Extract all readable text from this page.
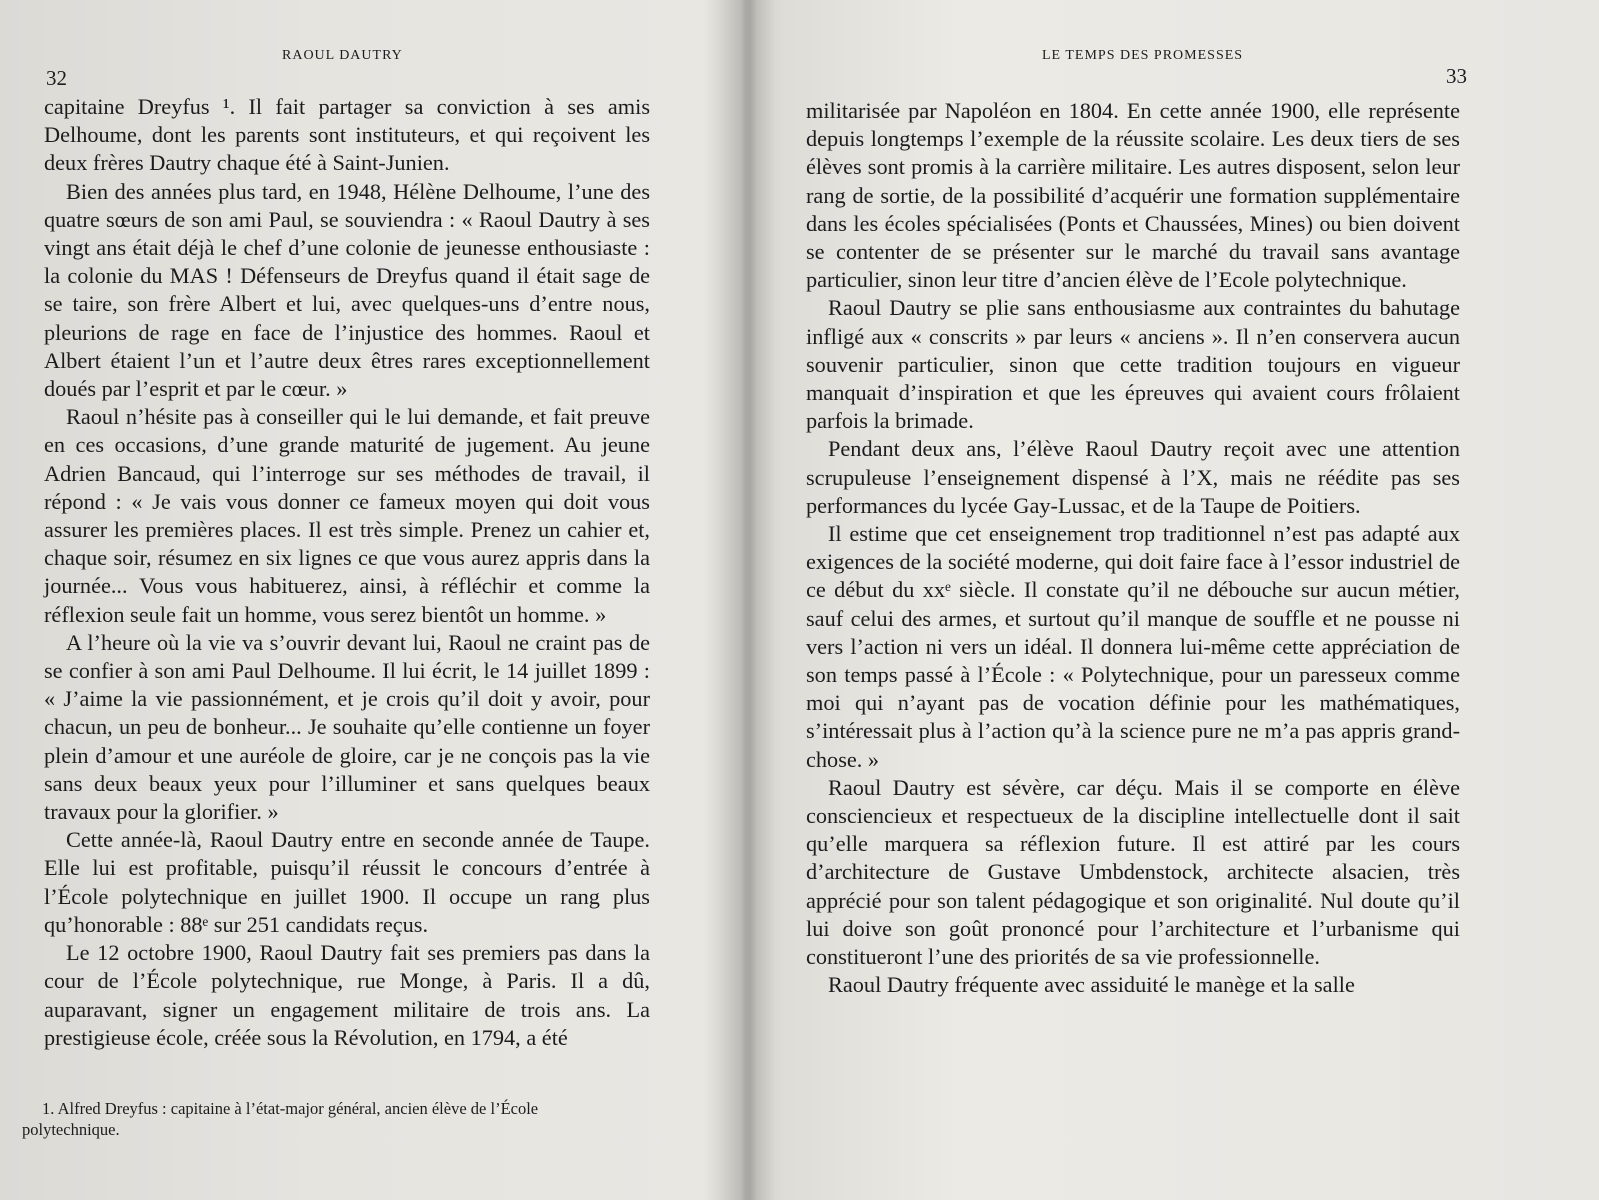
32
RAOUL DAUTRY

capitaine Dreyfus ¹. Il fait partager sa conviction à ses amis Delhoume, dont les parents sont instituteurs, et qui reçoivent les deux frères Dautry chaque été à Saint-Junien.

Bien des années plus tard, en 1948, Hélène Delhoume, l’une des quatre sœurs de son ami Paul, se souviendra : « Raoul Dautry à ses vingt ans était déjà le chef d’une colonie de jeunesse enthousiaste : la colonie du MAS ! Défenseurs de Dreyfus quand il était sage de se taire, son frère Albert et lui, avec quelques-uns d’entre nous, pleurions de rage en face de l’injustice des hommes. Raoul et Albert étaient l’un et l’autre deux êtres rares exceptionnellement doués par l’esprit et par le cœur. »

Raoul n’hésite pas à conseiller qui le lui demande, et fait preuve en ces occasions, d’une grande maturité de jugement. Au jeune Adrien Bancaud, qui l’interroge sur ses méthodes de travail, il répond : « Je vais vous donner ce fameux moyen qui doit vous assurer les premières places. Il est très simple. Prenez un cahier et, chaque soir, résumez en six lignes ce que vous aurez appris dans la journée... Vous vous habituerez, ainsi, à réfléchir et comme la réflexion seule fait un homme, vous serez bientôt un homme. »

A l’heure où la vie va s’ouvrir devant lui, Raoul ne craint pas de se confier à son ami Paul Delhoume. Il lui écrit, le 14 juillet 1899 : « J’aime la vie passionnément, et je crois qu’il doit y avoir, pour chacun, un peu de bonheur... Je souhaite qu’elle contienne un foyer plein d’amour et une auréole de gloire, car je ne conçois pas la vie sans deux beaux yeux pour l’illuminer et sans quelques beaux travaux pour la glorifier. »

Cette année-là, Raoul Dautry entre en seconde année de Taupe. Elle lui est profitable, puisqu’il réussit le concours d’entrée à l’École polytechnique en juillet 1900. Il occupe un rang plus qu’honorable : 88ᵉ sur 251 candidats reçus.

Le 12 octobre 1900, Raoul Dautry fait ses premiers pas dans la cour de l’École polytechnique, rue Monge, à Paris. Il a dû, auparavant, signer un engagement militaire de trois ans. La prestigieuse école, créée sous la Révolution, en 1794, a été

1. Alfred Dreyfus : capitaine à l’état-major général, ancien élève de l’École polytechnique.
LE TEMPS DES PROMESSES
33

militarisée par Napoléon en 1804. En cette année 1900, elle représente depuis longtemps l’exemple de la réussite scolaire. Les deux tiers de ses élèves sont promis à la carrière militaire. Les autres disposent, selon leur rang de sortie, de la possibilité d’acquérir une formation supplémentaire dans les écoles spécialisées (Ponts et Chaussées, Mines) ou bien doivent se contenter de se présenter sur le marché du travail sans avantage particulier, sinon leur titre d’ancien élève de l’Ecole polytechnique.

Raoul Dautry se plie sans enthousiasme aux contraintes du bahutage infligé aux « conscrits » par leurs « anciens ». Il n’en conservera aucun souvenir particulier, sinon que cette tradition toujours en vigueur manquait d’inspiration et que les épreuves qui avaient cours frôlaient parfois la brimade.

Pendant deux ans, l’élève Raoul Dautry reçoit avec une attention scrupuleuse l’enseignement dispensé à l’X, mais ne réédite pas ses performances du lycée Gay-Lussac, et de la Taupe de Poitiers.

Il estime que cet enseignement trop traditionnel n’est pas adapté aux exigences de la société moderne, qui doit faire face à l’essor industriel de ce début du xxᵉ siècle. Il constate qu’il ne débouche sur aucun métier, sauf celui des armes, et surtout qu’il manque de souffle et ne pousse ni vers l’action ni vers un idéal. Il donnera lui-même cette appréciation de son temps passé à l’École : « Polytechnique, pour un paresseux comme moi qui n’ayant pas de vocation définie pour les mathématiques, s’intéressait plus à l’action qu’à la science pure ne m’a pas appris grand-chose. »

Raoul Dautry est sévère, car déçu. Mais il se comporte en élève consciencieux et respectueux de la discipline intellectuelle dont il sait qu’elle marquera sa réflexion future. Il est attiré par les cours d’architecture de Gustave Umbdenstock, architecte alsacien, très apprécié pour son talent pédagogique et son originalité. Nul doute qu’il lui doive son goût prononcé pour l’architecture et l’urbanisme qui constitueront l’une des priorités de sa vie professionnelle.

Raoul Dautry fréquente avec assiduité le manège et la salle
